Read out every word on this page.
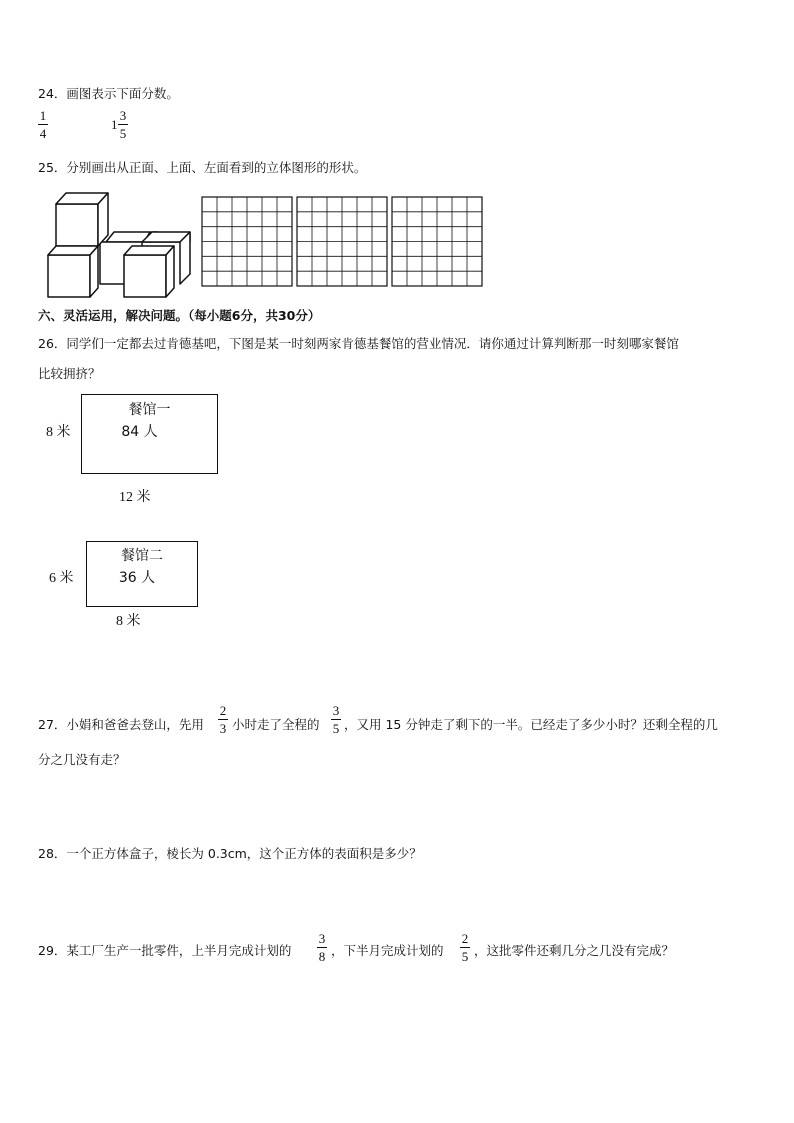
24．画图表示下面分数。
1
4
1
3
5
25．分别画出从正面、上面、左面看到的立体图形的形状。
六、灵活运用，解决问题。（每小题6分，共30分）
26．同学们一定都去过肯德基吧，下图是某一时刻两家肯德基餐馆的营业情况．请你通过计算判断那一时刻哪家餐馆
比较拥挤？
餐馆一
84 人
8 米
12 米
餐馆二
36 人
6 米
8 米
27．小娟和爸爸去登山，先用
2
3 小时走了全程的
3
5 ，又用 15 分钟走了剩下的一半。已经走了多少小时？还剩全程的几
分之几没有走？
28．一个正方体盒子，棱长为 0.3cm，这个正方体的表面积是多少？
29．某工厂生产一批零件，上半月完成计划的
3
8 ，下半月完成计划的
2
5 ，这批零件还剩几分之几没有完成？
